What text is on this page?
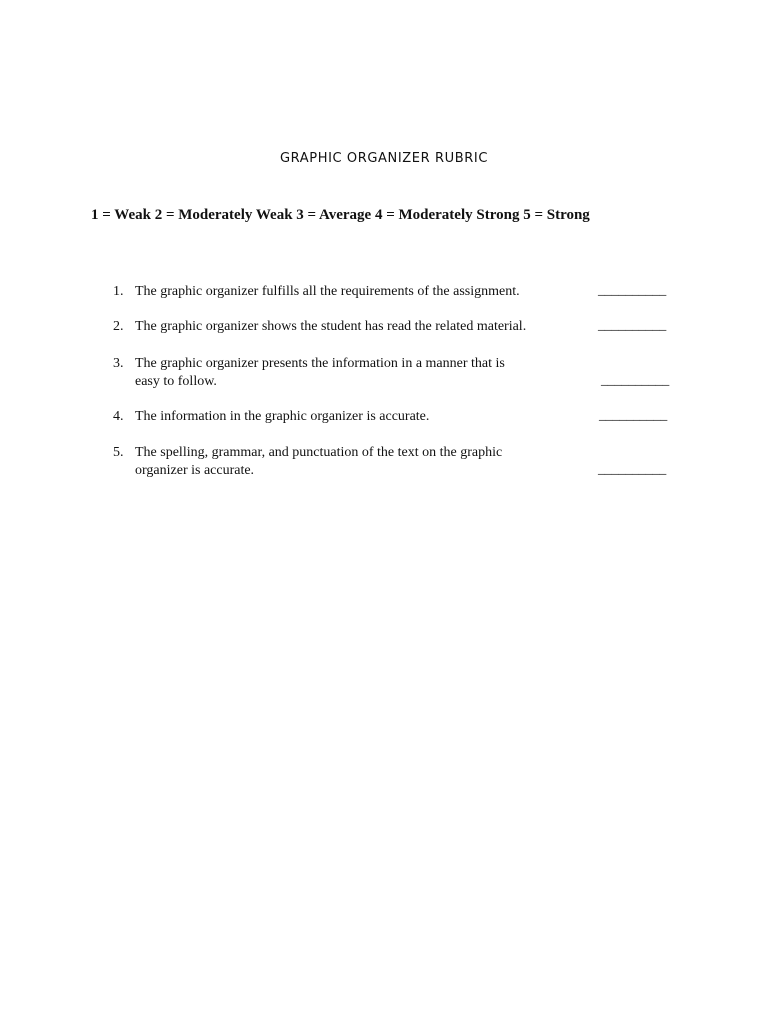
GRAPHIC ORGANIZER RUBRIC
1 = Weak 2 = Moderately Weak 3 = Average 4 = Moderately Strong 5 = Strong
1. The graphic organizer fulfills all the requirements of the assignment.	__________
2. The graphic organizer shows the student has read the related material.	__________
3. The graphic organizer presents the information in a manner that is
easy to follow.	__________
4. The information in the graphic organizer is accurate.	__________
5. The spelling, grammar, and punctuation of the text on the graphic
organizer is accurate.	__________
